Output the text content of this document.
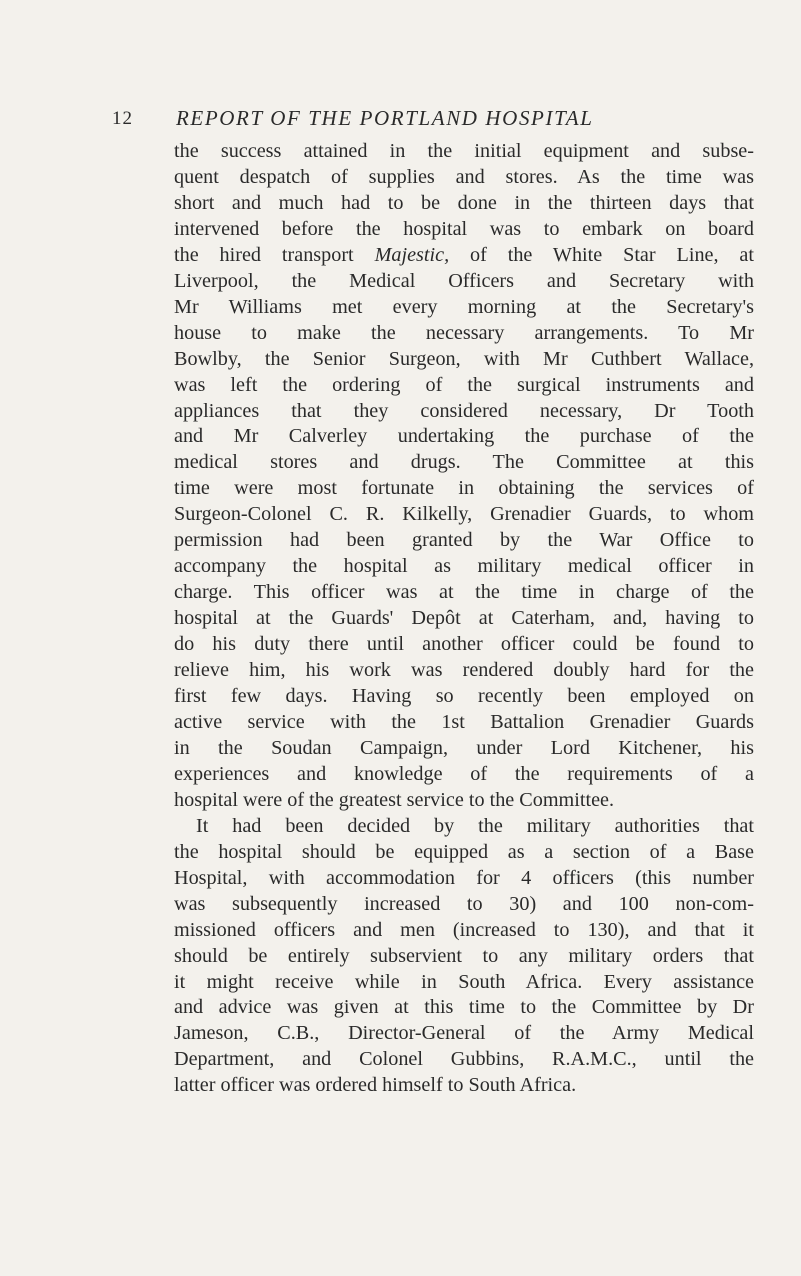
12 REPORT OF THE PORTLAND HOSPITAL
the success attained in the initial equipment and subse-
quent despatch of supplies and stores. As the time was
short and much had to be done in the thirteen days that
intervened before the hospital was to embark on board
the hired transport Majestic, of the White Star Line, at
Liverpool, the Medical Officers and Secretary with
Mr Williams met every morning at the Secretary's
house to make the necessary arrangements. To Mr
Bowlby, the Senior Surgeon, with Mr Cuthbert Wallace,
was left the ordering of the surgical instruments and
appliances that they considered necessary, Dr Tooth
and Mr Calverley undertaking the purchase of the
medical stores and drugs. The Committee at this
time were most fortunate in obtaining the services of
Surgeon-Colonel C. R. Kilkelly, Grenadier Guards, to whom
permission had been granted by the War Office to
accompany the hospital as military medical officer in
charge. This officer was at the time in charge of the
hospital at the Guards' Depôt at Caterham, and, having to
do his duty there until another officer could be found to
relieve him, his work was rendered doubly hard for the
first few days. Having so recently been employed on
active service with the 1st Battalion Grenadier Guards
in the Soudan Campaign, under Lord Kitchener, his
experiences and knowledge of the requirements of a
hospital were of the greatest service to the Committee.
It had been decided by the military authorities that
the hospital should be equipped as a section of a Base
Hospital, with accommodation for 4 officers (this number
was subsequently increased to 30) and 100 non-com-
missioned officers and men (increased to 130), and that it
should be entirely subservient to any military orders that
it might receive while in South Africa. Every assistance
and advice was given at this time to the Committee by Dr
Jameson, C.B., Director-General of the Army Medical
Department, and Colonel Gubbins, R.A.M.C., until the
latter officer was ordered himself to South Africa.
